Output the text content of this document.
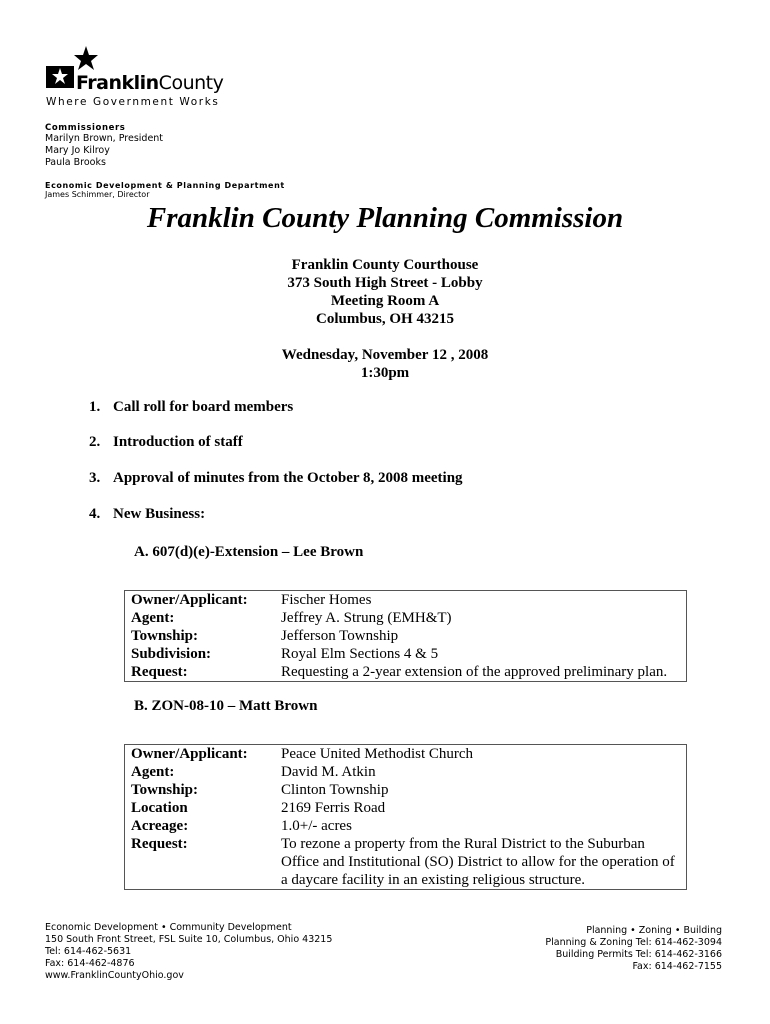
FranklinCounty
Where Government Works
Commissioners
Marilyn Brown, President
Mary Jo Kilroy
Paula Brooks
Economic Development & Planning Department
James Schimmer, Director
Franklin County Planning Commission
Franklin County Courthouse
373 South High Street - Lobby
Meeting Room A
Columbus, OH 43215
Wednesday, November 12 , 2008
1:30pm
1. Call roll for board members
2. Introduction of staff
3. Approval of minutes from the October 8, 2008 meeting
4. New Business:
A. 607(d)(e)-Extension – Lee Brown
Owner/Applicant:	Fischer Homes
Agent:	Jeffrey A. Strung (EMH&T)
Township:	Jefferson Township
Subdivision:	Royal Elm Sections 4 & 5
Request:	Requesting a 2-year extension of the approved preliminary plan.
B. ZON-08-10 – Matt Brown
Owner/Applicant:	Peace United Methodist Church
Agent:	David M. Atkin
Township:	Clinton Township
Location	2169 Ferris Road
Acreage:	1.0+/- acres
Request:	To rezone a property from the Rural District to the Suburban Office and Institutional (SO) District to allow for the operation of a daycare facility in an existing religious structure.
Economic Development • Community Development
150 South Front Street, FSL Suite 10, Columbus, Ohio 43215
Tel: 614-462-5631
Fax: 614-462-4876
www.FranklinCountyOhio.gov
Planning • Zoning • Building
Planning & Zoning Tel: 614-462-3094
Building Permits Tel: 614-462-3166
Fax: 614-462-7155
